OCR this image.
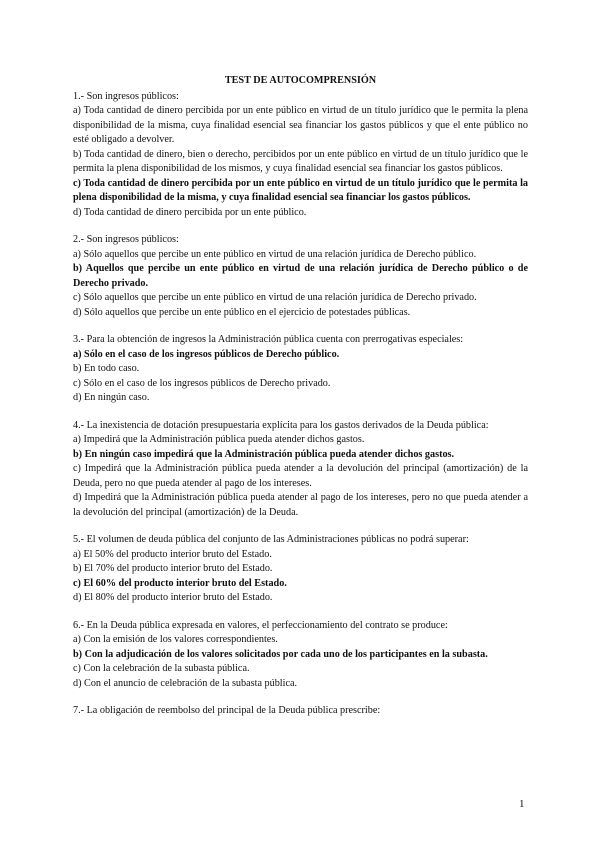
TEST DE AUTOCOMPRENSIÓN
1.- Son ingresos públicos:
a) Toda cantidad de dinero percibida por un ente público en virtud de un título jurídico que le permita la plena disponibilidad de la misma, cuya finalidad esencial sea financiar los gastos públicos y que el ente público no esté obligado a devolver.
b) Toda cantidad de dinero, bien o derecho, percibidos por un ente público en virtud de un título jurídico que le permita la plena disponibilidad de los mismos, y cuya finalidad esencial sea financiar los gastos públicos.
c) Toda cantidad de dinero percibida por un ente público en virtud de un título jurídico que le permita la plena disponibilidad de la misma, y cuya finalidad esencial sea financiar los gastos públicos.
d) Toda cantidad de dinero percibida por un ente público.
2.- Son ingresos públicos:
a) Sólo aquellos que percibe un ente público en virtud de una relación jurídica de Derecho público.
b) Aquellos que percibe un ente público en virtud de una relación jurídica de Derecho público o de Derecho privado.
c) Sólo aquellos que percibe un ente público en virtud de una relación jurídica de Derecho privado.
d) Sólo aquellos que percibe un ente público en el ejercicio de potestades públicas.
3.- Para la obtención de ingresos la Administración pública cuenta con prerrogativas especiales:
a) Sólo en el caso de los ingresos públicos de Derecho público.
b) En todo caso.
c) Sólo en el caso de los ingresos públicos de Derecho privado.
d) En ningún caso.
4.- La inexistencia de dotación presupuestaria explícita para los gastos derivados de la Deuda pública:
a) Impedirá que la Administración pública pueda atender dichos gastos.
b) En ningún caso impedirá que la Administración pública pueda atender dichos gastos.
c) Impedirá que la Administración pública pueda atender a la devolución del principal (amortización) de la Deuda, pero no que pueda atender al pago de los intereses.
d) Impedirá que la Administración pública pueda atender al pago de los intereses, pero no que pueda atender a la devolución del principal (amortización) de la Deuda.
5.- El volumen de deuda pública del conjunto de las Administraciones públicas no podrá superar:
a) El 50% del producto interior bruto del Estado.
b) El 70% del producto interior bruto del Estado.
c) El 60% del producto interior bruto del Estado.
d) El 80% del producto interior bruto del Estado.
6.- En la Deuda pública expresada en valores, el perfeccionamiento del contrato se produce:
a) Con la emisión de los valores correspondientes.
b) Con la adjudicación de los valores solicitados por cada uno de los participantes en la subasta.
c) Con la celebración de la subasta pública.
d) Con el anuncio de celebración de la subasta pública.
7.- La obligación de reembolso del principal de la Deuda pública prescribe:
1
